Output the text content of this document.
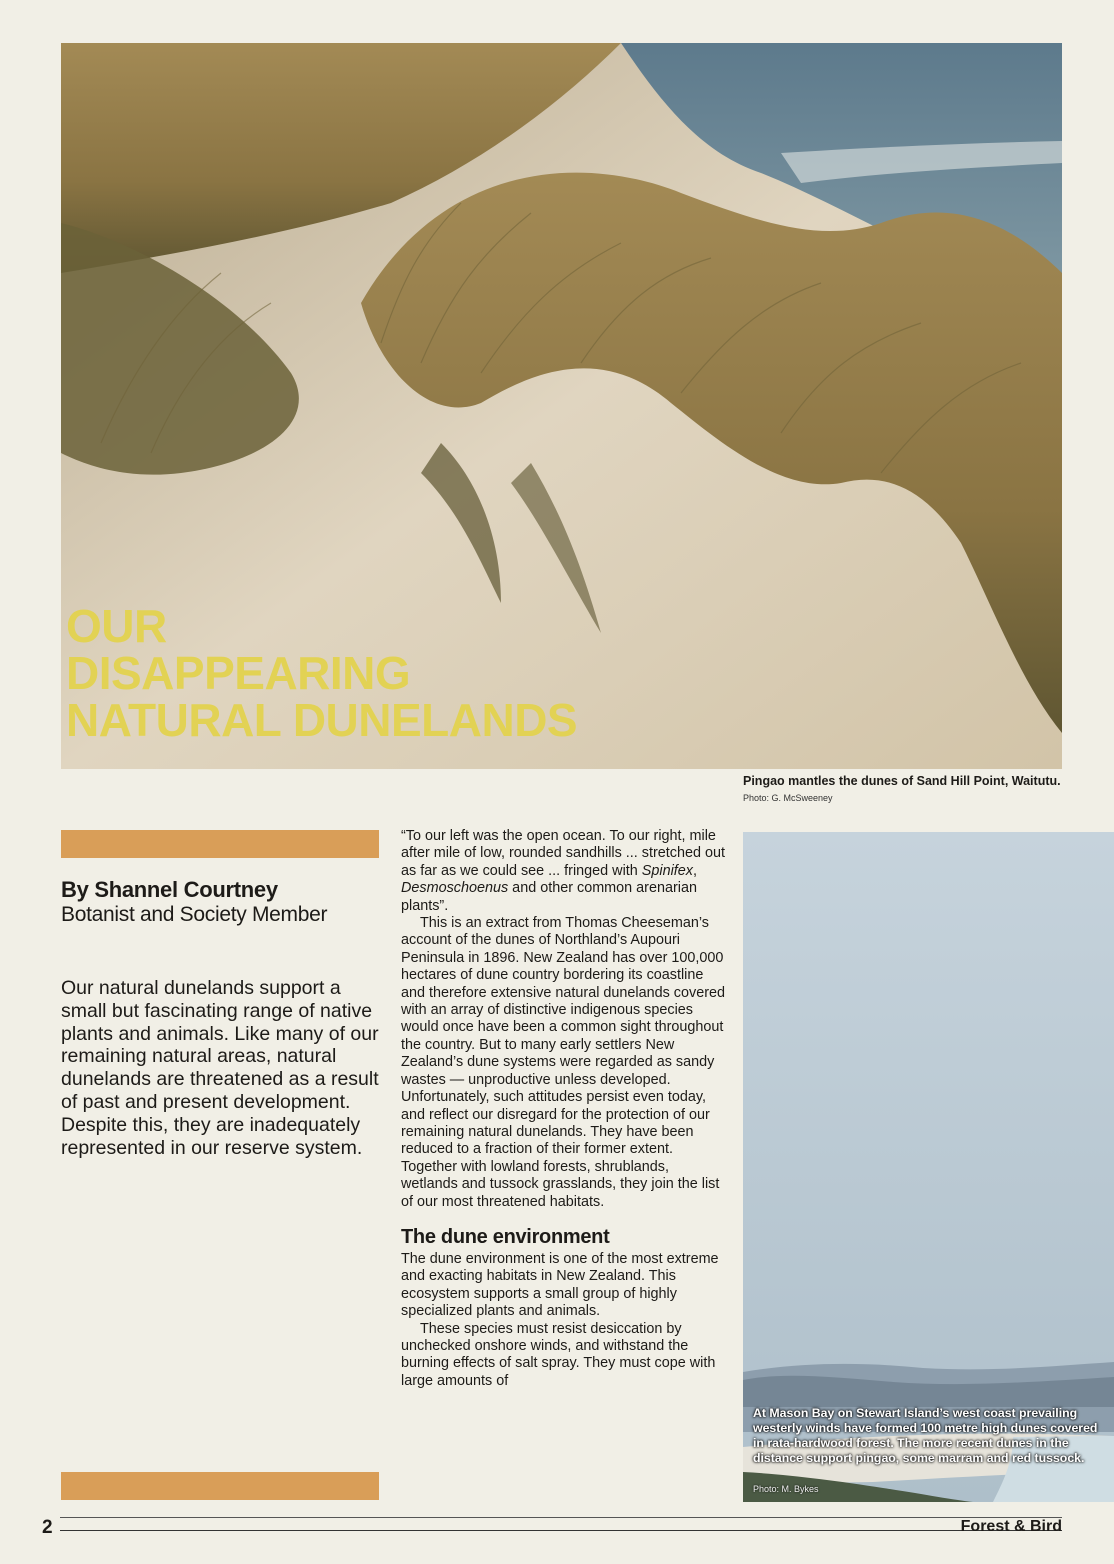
OUR
DISAPPEARING
NATURAL DUNELANDS

Pingao mantles the dunes of Sand Hill Point, Waitutu.

Photo: G. McSweeney

By Shannel Courtney

Botanist and Society Member

Our natural dunelands support a small but fascinating range of native plants and animals. Like many of our remaining natural areas, natural dunelands are threatened as a result of past and present development. Despite this, they are inadequately represented in our reserve system.

“To our left was the open ocean. To our right, mile after mile of low, rounded sandhills ... stretched out as far as we could see ... fringed with Spinifex, Desmoschoenus and other common arenarian plants”.

This is an extract from Thomas Cheeseman’s account of the dunes of Northland’s Aupouri Peninsula in 1896. New Zealand has over 100,000 hectares of dune country bordering its coastline and therefore extensive natural dunelands covered with an array of distinctive indigenous species would once have been a common sight throughout the country. But to many early settlers New Zealand’s dune systems were regarded as sandy wastes — unproductive unless developed. Unfortunately, such attitudes persist even today, and reflect our disregard for the protection of our remaining natural dunelands. They have been reduced to a fraction of their former extent. Together with lowland forests, shrublands, wetlands and tussock grasslands, they join the list of our most threatened habitats.

The dune environment

The dune environment is one of the most extreme and exacting habitats in New Zealand. This ecosystem supports a small group of highly specialized plants and animals.

These species must resist desiccation by unchecked onshore winds, and withstand the burning effects of salt spray. They must cope with large amounts of

At Mason Bay on Stewart Island’s west coast prevailing westerly winds have formed 100 metre high dunes covered in rata-hardwood forest. The more recent dunes in the distance support pingao, some marram and red tussock.

Photo: M. Bykes

2	Forest & Bird
